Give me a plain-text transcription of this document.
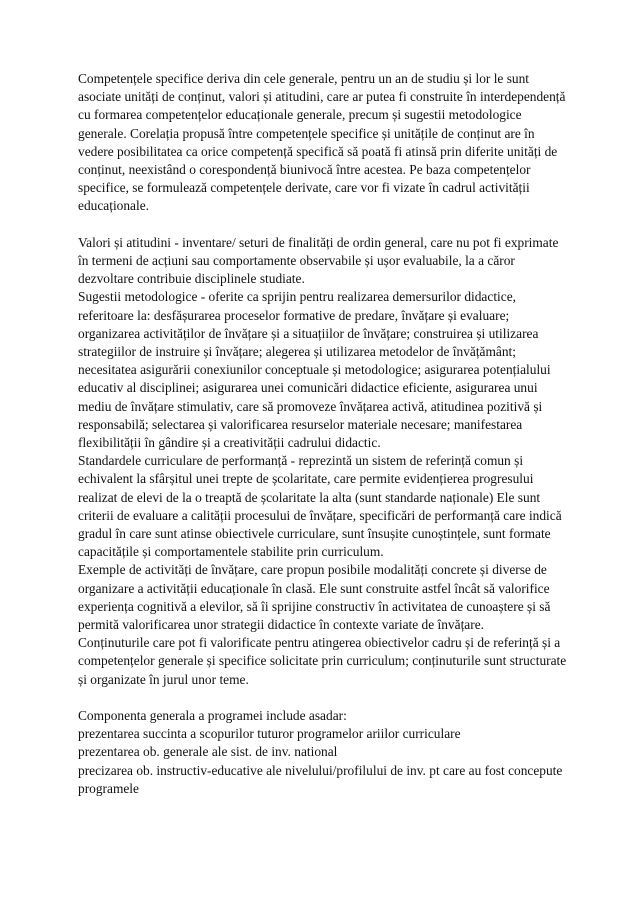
Competențele specifice deriva din cele generale, pentru un an de studiu și lor le sunt asociate unități de conținut, valori și atitudini, care ar putea fi construite în interdependență cu formarea competențelor educaționale generale, precum și sugestii metodologice generale. Corelația propusă între competențele specifice și unitățile de conținut are în vedere posibilitatea ca orice competență specifică să poată fi atinsă prin diferite unități de conținut, neexistând o corespondență biunivocă între acestea. Pe baza competențelor specifice, se formulează competențele derivate, care vor fi vizate în cadrul activității educaționale.

Valori și atitudini - inventare/ seturi de finalități de ordin general, care nu pot fi exprimate în termeni de acțiuni sau comportamente observabile și ușor evaluabile, la a căror dezvoltare contribuie disciplinele studiate.

Sugestii metodologice - oferite ca sprijin pentru realizarea demersurilor didactice, referitoare la: desfășurarea proceselor formative de predare, învățare și evaluare; organizarea activităților de învățare și a situațiilor de învățare; construirea și utilizarea strategiilor de instruire și învățare; alegerea și utilizarea metodelor de învățământ; necesitatea asigurării conexiunilor conceptuale și metodologice; asigurarea potențialului educativ al disciplinei; asigurarea unei comunicări didactice eficiente, asigurarea unui mediu de învățare stimulativ, care să promoveze învățarea activă, atitudinea pozitivă și responsabilă; selectarea și valorificarea resurselor materiale necesare; manifestarea flexibilității în gândire și a creativității cadrului didactic.

Standardele curriculare de performanță - reprezintă un sistem de referință comun și echivalent la sfârșitul unei trepte de școlaritate, care permite evidențierea progresului realizat de elevi de la o treaptă de școlaritate la alta (sunt standarde naționale) Ele sunt criterii de evaluare a calității procesului de învățare, specificări de performanță care indică gradul în care sunt atinse obiectivele curriculare, sunt însușite cunoștințele, sunt formate capacitățile și comportamentele stabilite prin curriculum.

Exemple de activități de învățare, care propun posibile modalități concrete și diverse de organizare a activității educaționale în clasă. Ele sunt construite astfel încât să valorifice experiența cognitivă a elevilor, să îi sprijine constructiv în activitatea de cunoaștere și să permită valorificarea unor strategii didactice în contexte variate de învățare.

Conținuturile care pot fi valorificate pentru atingerea obiectivelor cadru și de referință și a competențelor generale și specifice solicitate prin curriculum; conținuturile sunt structurate și organizate în jurul unor teme.

Componenta generala a programei include asadar:

prezentarea succinta a scopurilor tuturor programelor ariilor curriculare

prezentarea ob. generale ale sist. de inv. national

precizarea ob. instructiv-educative ale nivelului/profilului de inv. pt care au fost concepute programele
